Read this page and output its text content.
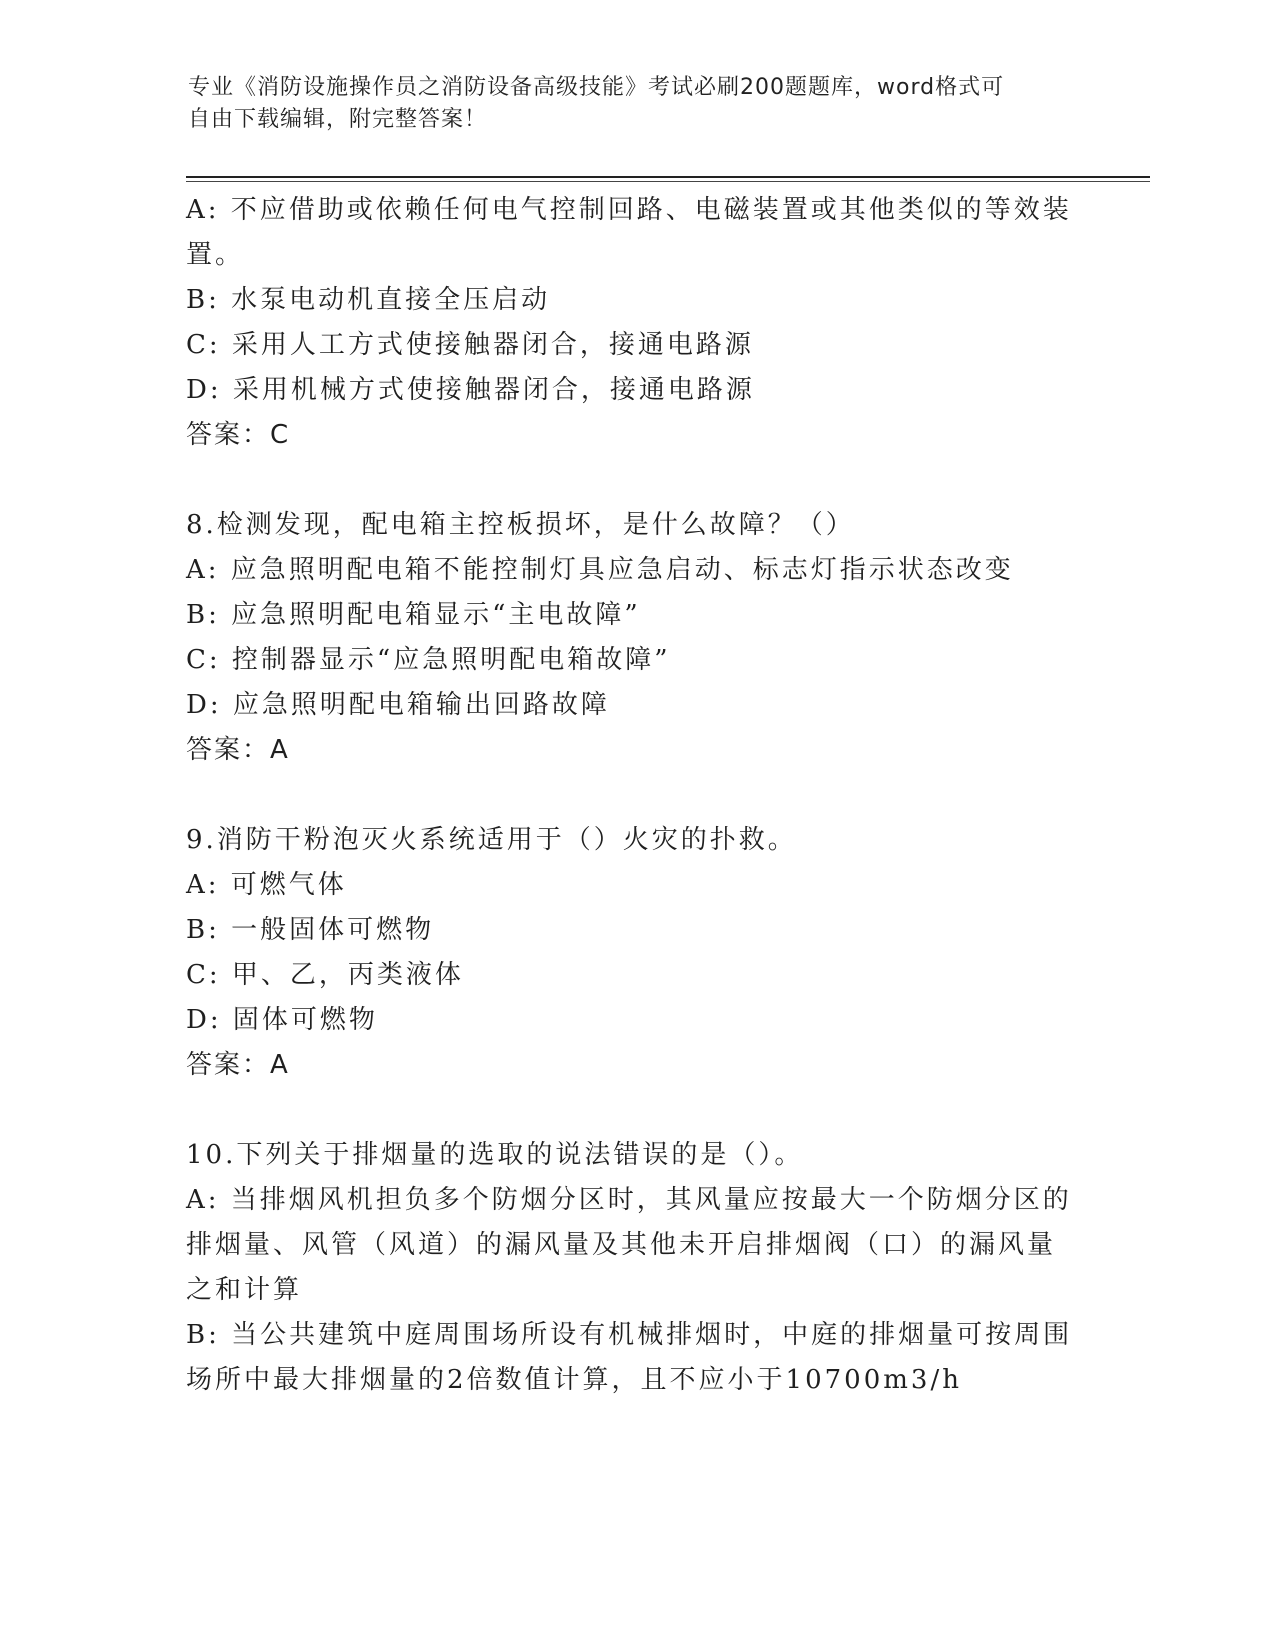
专业《消防设施操作员之消防设备高级技能》考试必刷200题题库，word格式可
自由下载编辑，附完整答案！
A: 不应借助或依赖任何电气控制回路、电磁装置或其他类似的等效装
置。
B: 水泵电动机直接全压启动
C: 采用人工方式使接触器闭合，接通电路源
D: 采用机械方式使接触器闭合，接通电路源
答案：C
8.检测发现，配电箱主控板损坏，是什么故障？（）
A: 应急照明配电箱不能控制灯具应急启动、标志灯指示状态改变
B: 应急照明配电箱显示“主电故障”
C: 控制器显示“应急照明配电箱故障”
D: 应急照明配电箱输出回路故障
答案：A
9.消防干粉泡灭火系统适用于（）火灾的扑救。
A: 可燃气体
B: 一般固体可燃物
C: 甲、乙，丙类液体
D: 固体可燃物
答案：A
10.下列关于排烟量的选取的说法错误的是（）。
A: 当排烟风机担负多个防烟分区时，其风量应按最大一个防烟分区的
排烟量、风管（风道）的漏风量及其他未开启排烟阀（口）的漏风量
之和计算
B: 当公共建筑中庭周围场所设有机械排烟时，中庭的排烟量可按周围
场所中最大排烟量的2倍数值计算，且不应小于10700m3/h
